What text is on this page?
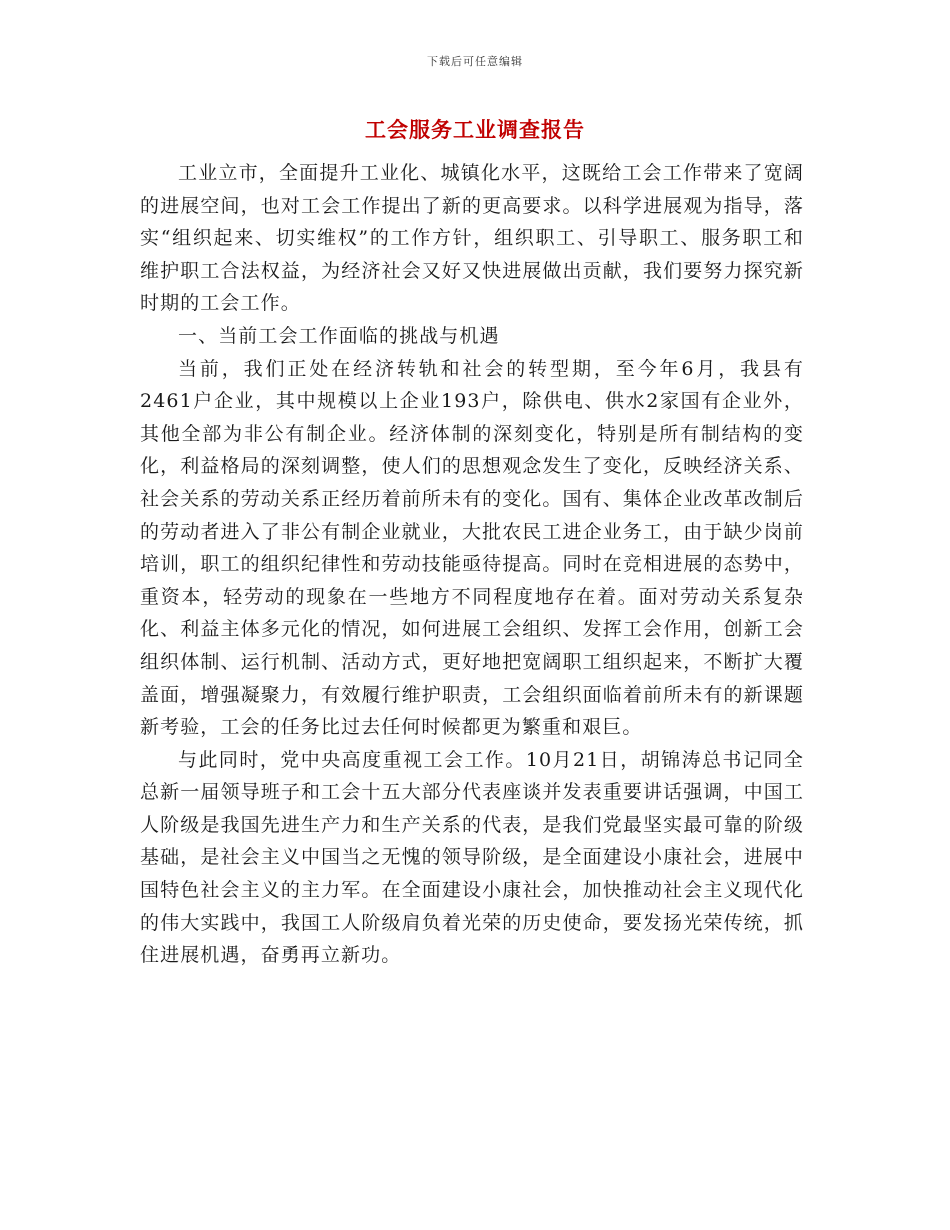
下载后可任意编辑
工会服务工业调查报告

工业立市，全面提升工业化、城镇化水平，这既给工会工作带来了宽阔的进展空间，也对工会工作提出了新的更高要求。以科学进展观为指导，落实“组织起来、切实维权”的工作方针，组织职工、引导职工、服务职工和维护职工合法权益，为经济社会又好又快进展做出贡献，我们要努力探究新时期的工会工作。

一、当前工会工作面临的挑战与机遇

当前，我们正处在经济转轨和社会的转型期，至今年6月，我县有2461户企业，其中规模以上企业193户，除供电、供水2家国有企业外，其他全部为非公有制企业。经济体制的深刻变化，特别是所有制结构的变化，利益格局的深刻调整，使人们的思想观念发生了变化，反映经济关系、社会关系的劳动关系正经历着前所未有的变化。国有、集体企业改革改制后的劳动者进入了非公有制企业就业，大批农民工进企业务工，由于缺少岗前培训，职工的组织纪律性和劳动技能亟待提高。同时在竞相进展的态势中，重资本，轻劳动的现象在一些地方不同程度地存在着。面对劳动关系复杂化、利益主体多元化的情况，如何进展工会组织、发挥工会作用，创新工会组织体制、运行机制、活动方式，更好地把宽阔职工组织起来，不断扩大覆盖面，增强凝聚力，有效履行维护职责，工会组织面临着前所未有的新课题新考验，工会的任务比过去任何时候都更为繁重和艰巨。

与此同时，党中央高度重视工会工作。10月21日，胡锦涛总书记同全总新一届领导班子和工会十五大部分代表座谈并发表重要讲话强调，中国工人阶级是我国先进生产力和生产关系的代表，是我们党最坚实最可靠的阶级基础，是社会主义中国当之无愧的领导阶级，是全面建设小康社会，进展中国特色社会主义的主力军。在全面建设小康社会，加快推动社会主义现代化的伟大实践中，我国工人阶级肩负着光荣的历史使命，要发扬光荣传统，抓住进展机遇，奋勇再立新功。
